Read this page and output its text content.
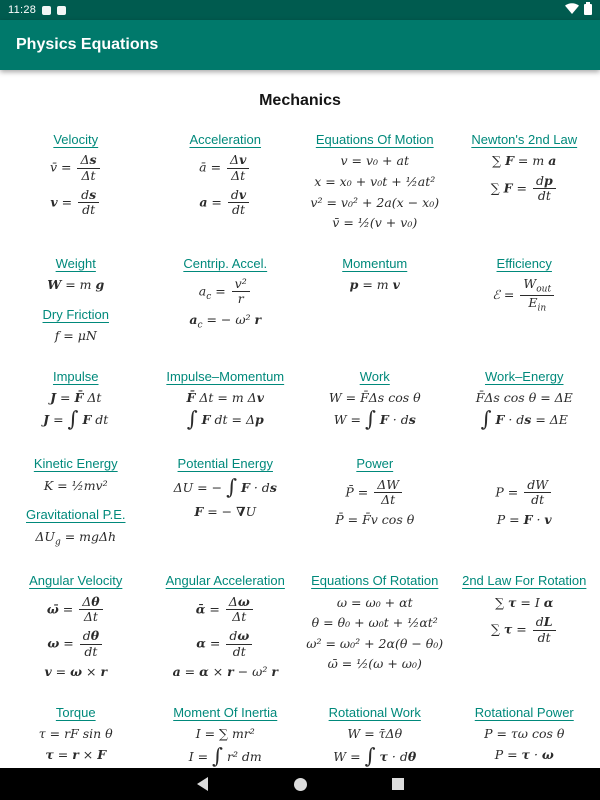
11:28
Physics Equations
Mechanics
Velocity
v̄ = $\frac{\Delta s}{\Delta t}$
$v = \frac{ds}{dt}$
Acceleration
ā = $\frac{\Delta v}{\Delta t}$
$a = \frac{dv}{dt}$
Equations Of Motion
v = v₀ + at
x = x₀ + v₀t + ½at²
v² = v₀² + 2a(x − x₀)
v̄ = ½(v + v₀)
Newton's 2nd Law
∑ F = m a
∑ $F = \frac{dp}{dt}$
Weight
W = m g
Dry Friction
f = μN
Centrip. Accel.
$a_c = \frac{\text{v²}}{r}$
$a_c$ = − ω² r
Momentum
p = m v
Efficiency
ℰ =
$W_{out}$
$E_{in}$
Impulse
J = F̄ Δt
J = ∫ F dt
Impulse–Momentum
F̄ Δt = m Δv
∫ F dt = Δp
Work
W = F̄Δs cos θ
W = ∫ F · ds
Work–Energy
F̄Δs cos θ = ΔE
∫ F · ds = ΔE
Kinetic Energy
K = ½mv²
Gravitational P.E.
$\Delta U_g = mg\Delta h$
Potential Energy
ΔU = − ∫ F · ds
F = − ∇U
Power
P̄ = $\frac{\Delta W}{\Delta t}$
P̄ = F̄v cos θ

$P = \frac{dW}{dt}$
P = F · v
Angular Velocity
ω̄ = $\frac{\Delta\theta}{\Delta t}$
$\omega = \frac{d\theta}{dt}$
v = ω × r
Angular Acceleration
ᾱ = $\frac{\Delta\omega}{\Delta t}$
$\alpha = \frac{d\omega}{dt}$
a = α × r − ω² r
Equations Of Rotation
ω = ω₀ + αt
θ = θ₀ + ω₀t + ½αt²
ω² = ω₀² + 2α(θ − θ₀)
ω̄ = ½(ω + ω₀)
2nd Law For Rotation
∑ τ = I α
∑ $\tau = \frac{dL}{dt}$
Torque
τ = rF sin θ
τ = r × F
Moment Of Inertia
I = ∑ mr²
I = ∫ r² dm
Rotational Work
W = τ̄Δθ
W = ∫ τ · dθ
Rotational Power
P = τω cos θ
P = τ · ω
